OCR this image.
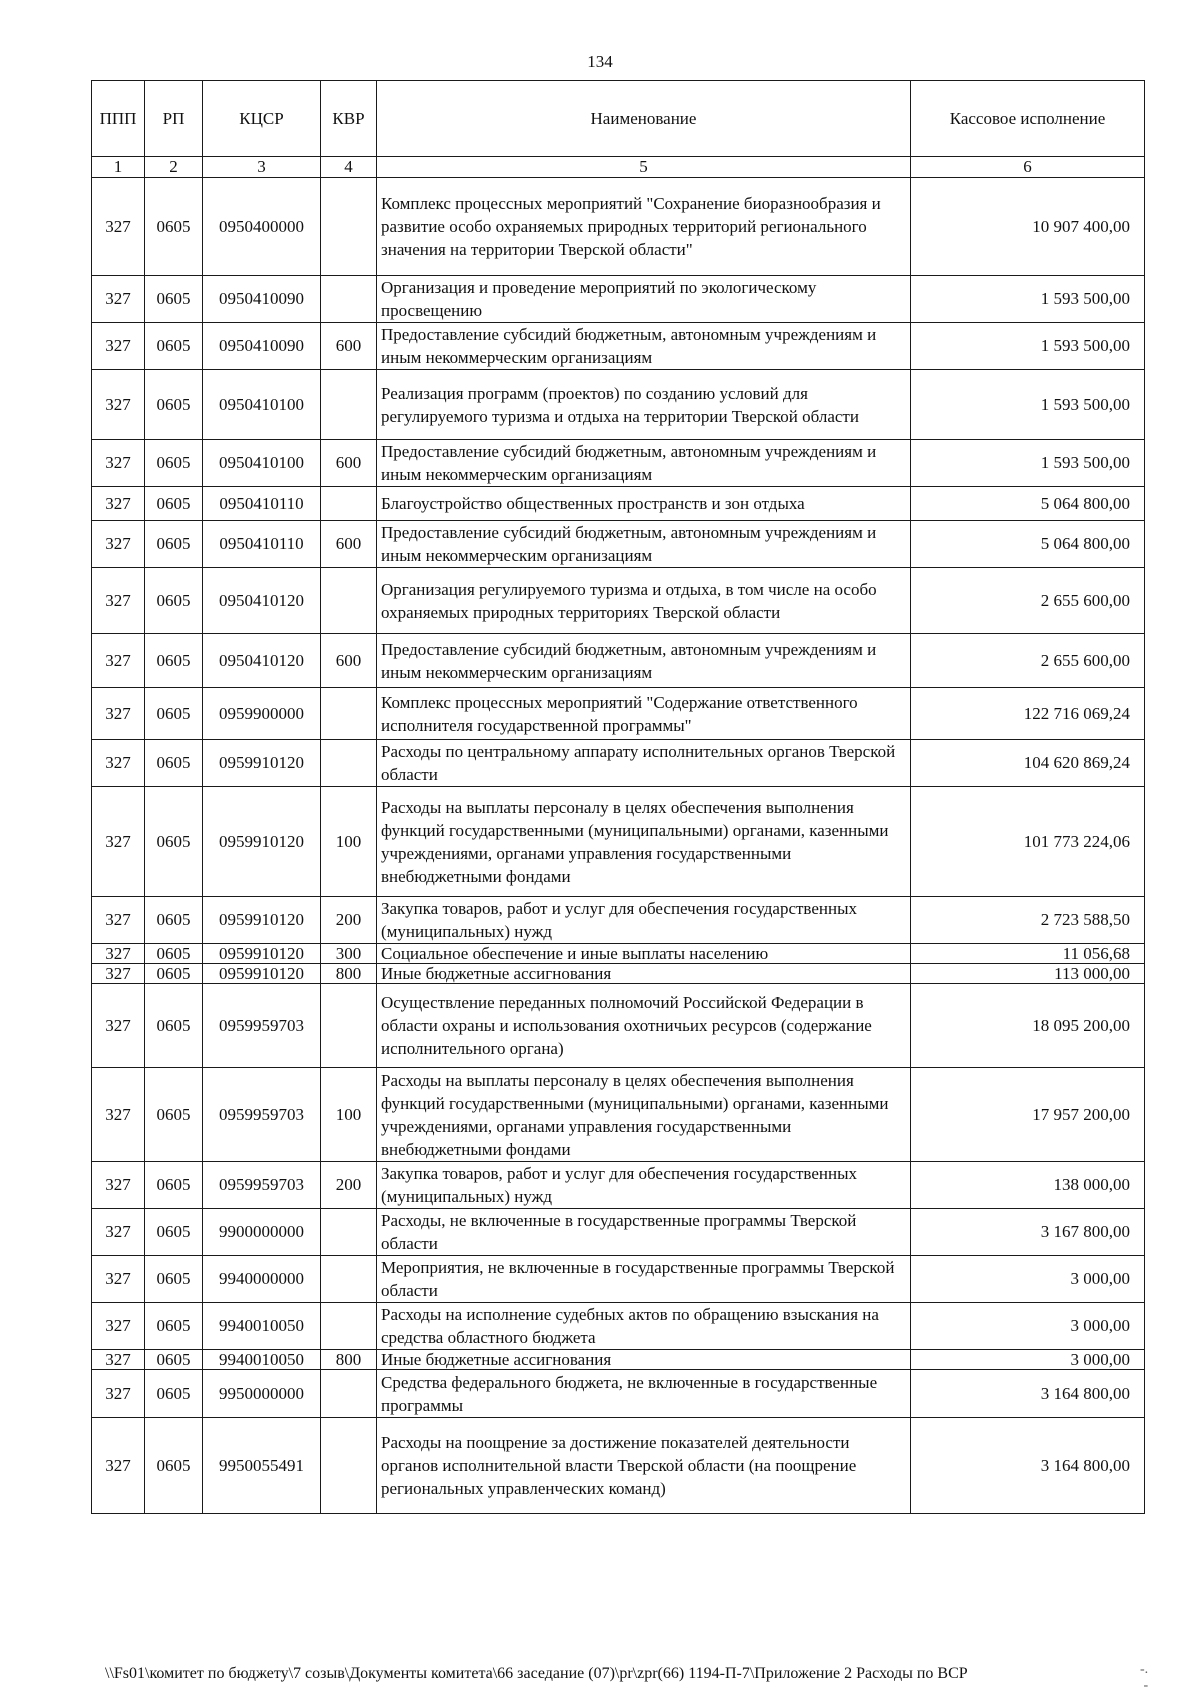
134
ППП	РП	КЦСР	КВР	Наименование	Кассовое исполнение
1	2	3	4	5	6
327	0605	0950400000		Комплекс процессных мероприятий "Сохранение биоразнообразия и развитие особо охраняемых природных территорий регионального значения на территории Тверской области"	10 907 400,00
327	0605	0950410090		Организация и проведение мероприятий по экологическому просвещению	1 593 500,00
327	0605	0950410090	600	Предоставление субсидий бюджетным, автономным учреждениям и иным некоммерческим организациям	1 593 500,00
327	0605	0950410100		Реализация программ (проектов) по созданию условий для регулируемого туризма и отдыха на территории Тверской области	1 593 500,00
327	0605	0950410100	600	Предоставление субсидий бюджетным, автономным учреждениям и иным некоммерческим организациям	1 593 500,00
327	0605	0950410110		Благоустройство общественных пространств и зон отдыха	5 064 800,00
327	0605	0950410110	600	Предоставление субсидий бюджетным, автономным учреждениям и иным некоммерческим организациям	5 064 800,00
327	0605	0950410120		Организация регулируемого туризма и отдыха, в том числе на особо охраняемых природных территориях Тверской области	2 655 600,00
327	0605	0950410120	600	Предоставление субсидий бюджетным, автономным учреждениям и иным некоммерческим организациям	2 655 600,00
327	0605	0959900000		Комплекс процессных мероприятий "Содержание ответственного исполнителя государственной программы"	122 716 069,24
327	0605	0959910120		Расходы по центральному аппарату исполнительных органов Тверской области	104 620 869,24
327	0605	0959910120	100	Расходы на выплаты персоналу в целях обеспечения выполнения функций государственными (муниципальными) органами, казенными учреждениями, органами управления государственными внебюджетными фондами	101 773 224,06
327	0605	0959910120	200	Закупка товаров, работ и услуг для обеспечения государственных (муниципальных) нужд	2 723 588,50
327	0605	0959910120	300	Социальное обеспечение и иные выплаты населению	11 056,68
327	0605	0959910120	800	Иные бюджетные ассигнования	113 000,00
327	0605	0959959703		Осуществление переданных полномочий Российской Федерации в области охраны и использования охотничьих ресурсов (содержание исполнительного органа)	18 095 200,00
327	0605	0959959703	100	Расходы на выплаты персоналу в целях обеспечения выполнения функций государственными (муниципальными) органами, казенными учреждениями, органами управления государственными внебюджетными фондами	17 957 200,00
327	0605	0959959703	200	Закупка товаров, работ и услуг для обеспечения государственных (муниципальных) нужд	138 000,00
327	0605	9900000000		Расходы, не включенные в государственные программы Тверской области	3 167 800,00
327	0605	9940000000		Мероприятия, не включенные в государственные программы Тверской области	3 000,00
327	0605	9940010050		Расходы на исполнение судебных актов по обращению взыскания на средства областного бюджета	3 000,00
327	0605	9940010050	800	Иные бюджетные ассигнования	3 000,00
327	0605	9950000000		Средства федерального бюджета, не включенные в государственные программы	3 164 800,00
327	0605	9950055491		Расходы на поощрение за достижение показателей деятельности органов исполнительной власти Тверской области (на поощрение региональных управленческих команд)	3 164 800,00
\\Fs01\комитет по бюджету\7 созыв\Документы комитета\66 заседание (07)\pr\zpr(66) 1194-П-7\Приложение 2 Расходы по ВСР	-.
-
